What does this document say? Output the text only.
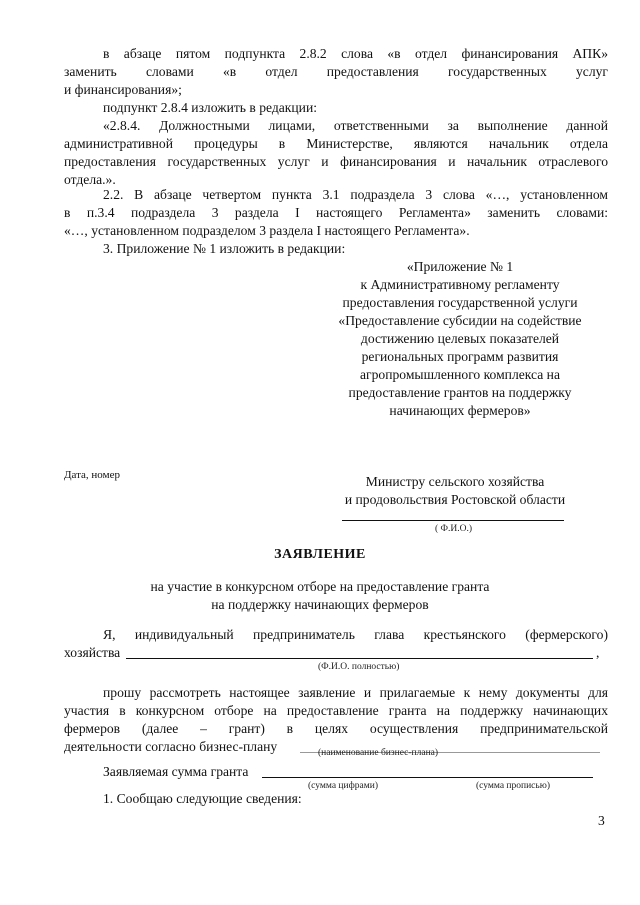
в абзаце пятом подпункта 2.8.2 слова «в отдел финансирования АПК»
заменить словами «в отдел предоставления государственных услуг
и финансирования»;
подпункт 2.8.4 изложить в редакции:
«2.8.4. Должностными лицами, ответственными за выполнение данной
административной процедуры в Министерстве, являются начальник отдела
предоставления государственных услуг и финансирования и начальник отраслевого
отдела.».
2.2. В абзаце четвертом пункта 3.1 подраздела 3 слова «…, установленном
в п.3.4 подраздела 3 раздела I настоящего Регламента» заменить словами:
«…, установленном подразделом 3 раздела I настоящего Регламента».
3. Приложение № 1 изложить в редакции:
«Приложение № 1
к Административному регламенту
предоставления государственной услуги
«Предоставление субсидии на содействие
достижению целевых показателей
региональных программ развития
агропромышленного комплекса на
предоставление грантов на поддержку
начинающих фермеров»
Дата, номер	Министру сельского хозяйства
и продовольствия Ростовской области
( Ф.И.О.)
ЗАЯВЛЕНИЕ
на участие в конкурсном отборе на предоставление гранта
на поддержку начинающих фермеров
Я, индивидуальный предприниматель глава крестьянского (фермерского)
хозяйства	,
(Ф.И.О. полностью)
прошу рассмотреть настоящее заявление и прилагаемые к нему документы для
участия в конкурсном отборе на предоставление гранта на поддержку начинающих
фермеров (далее – грант) в целях осуществления предпринимательской
деятельности согласно бизнес-плану	(наименование бизнес-плана)
Заявляемая сумма гранта
(сумма цифрами)	(сумма прописью)
1. Сообщаю следующие сведения:
3
